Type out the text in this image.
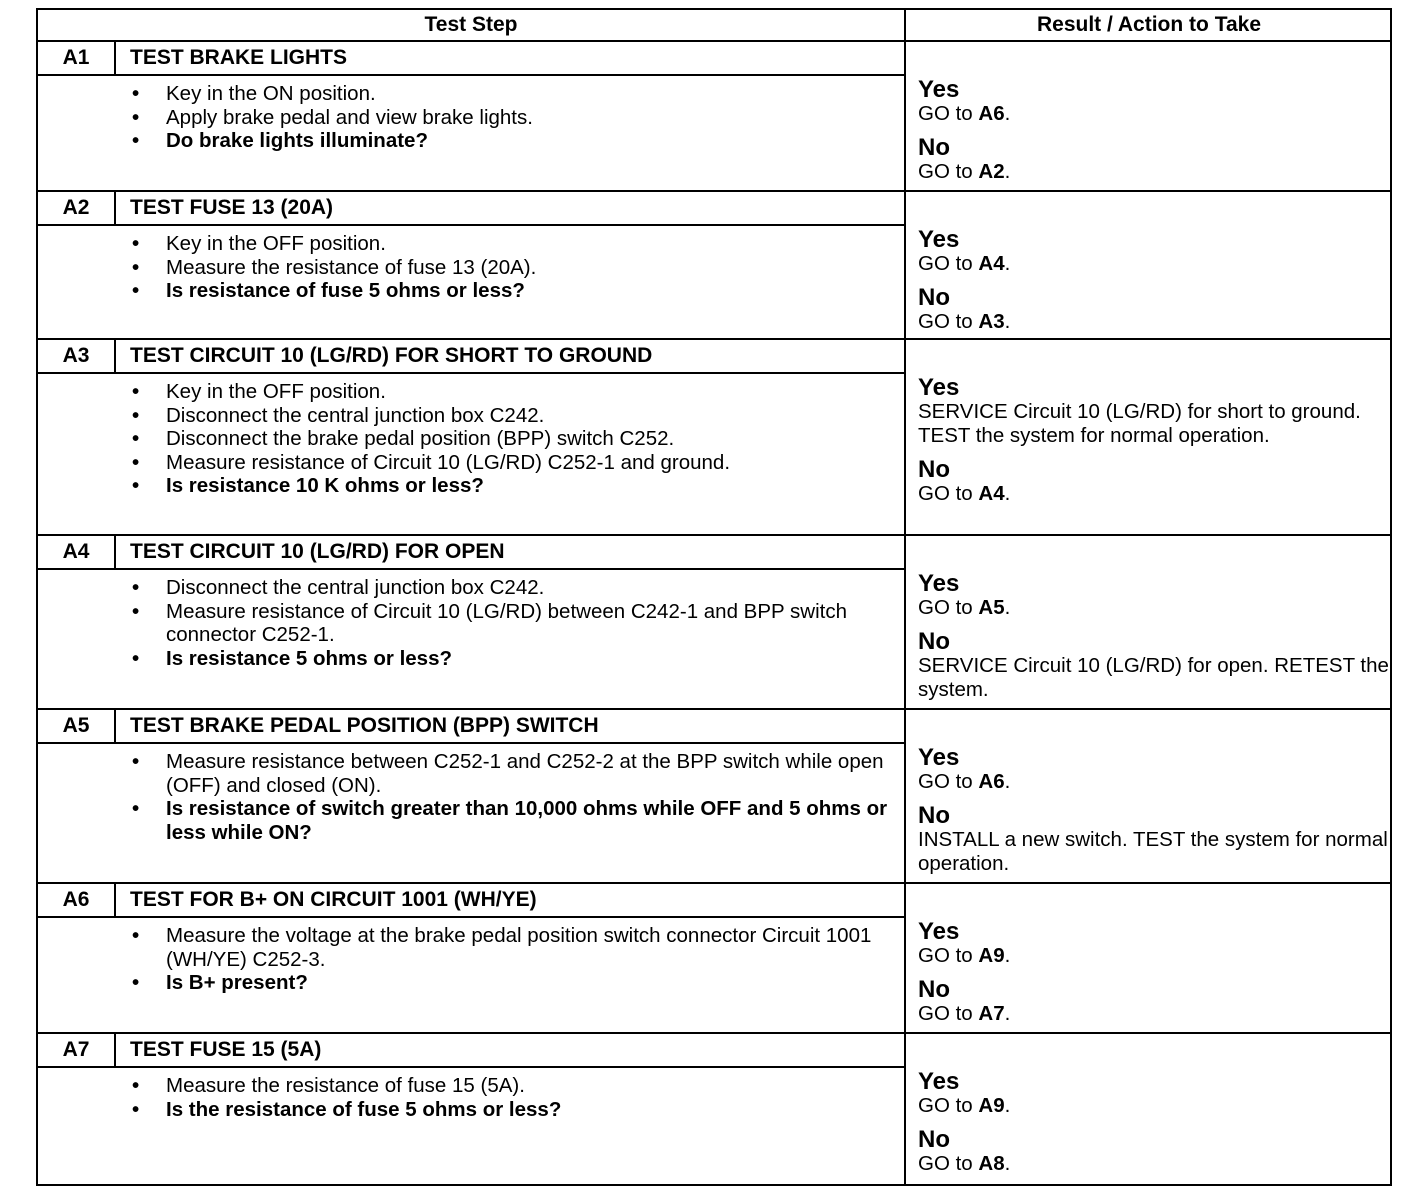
Test Step	Result / Action to Take
A1	TEST BRAKE LIGHTS
• Key in the ON position.
• Apply brake pedal and view brake lights.
• Do brake lights illuminate?
Yes
GO to A6.
No
GO to A2.
A2	TEST FUSE 13 (20A)
• Key in the OFF position.
• Measure the resistance of fuse 13 (20A).
• Is resistance of fuse 5 ohms or less?
Yes
GO to A4.
No
GO to A3.
A3	TEST CIRCUIT 10 (LG/RD) FOR SHORT TO GROUND
• Key in the OFF position.
• Disconnect the central junction box C242.
• Disconnect the brake pedal position (BPP) switch C252.
• Measure resistance of Circuit 10 (LG/RD) C252-1 and ground.
• Is resistance 10 K ohms or less?
Yes
SERVICE Circuit 10 (LG/RD) for short to ground. TEST the system for normal operation.
No
GO to A4.
A4	TEST CIRCUIT 10 (LG/RD) FOR OPEN
• Disconnect the central junction box C242.
• Measure resistance of Circuit 10 (LG/RD) between C242-1 and BPP switch connector C252-1.
• Is resistance 5 ohms or less?
Yes
GO to A5.
No
SERVICE Circuit 10 (LG/RD) for open. RETEST the system.
A5	TEST BRAKE PEDAL POSITION (BPP) SWITCH
• Measure resistance between C252-1 and C252-2 at the BPP switch while open (OFF) and closed (ON).
• Is resistance of switch greater than 10,000 ohms while OFF and 5 ohms or less while ON?
Yes
GO to A6.
No
INSTALL a new switch. TEST the system for normal operation.
A6	TEST FOR B+ ON CIRCUIT 1001 (WH/YE)
• Measure the voltage at the brake pedal position switch connector Circuit 1001 (WH/YE) C252-3.
• Is B+ present?
Yes
GO to A9.
No
GO to A7.
A7	TEST FUSE 15 (5A)
• Measure the resistance of fuse 15 (5A).
• Is the resistance of fuse 5 ohms or less?
Yes
GO to A9.
No
GO to A8.
